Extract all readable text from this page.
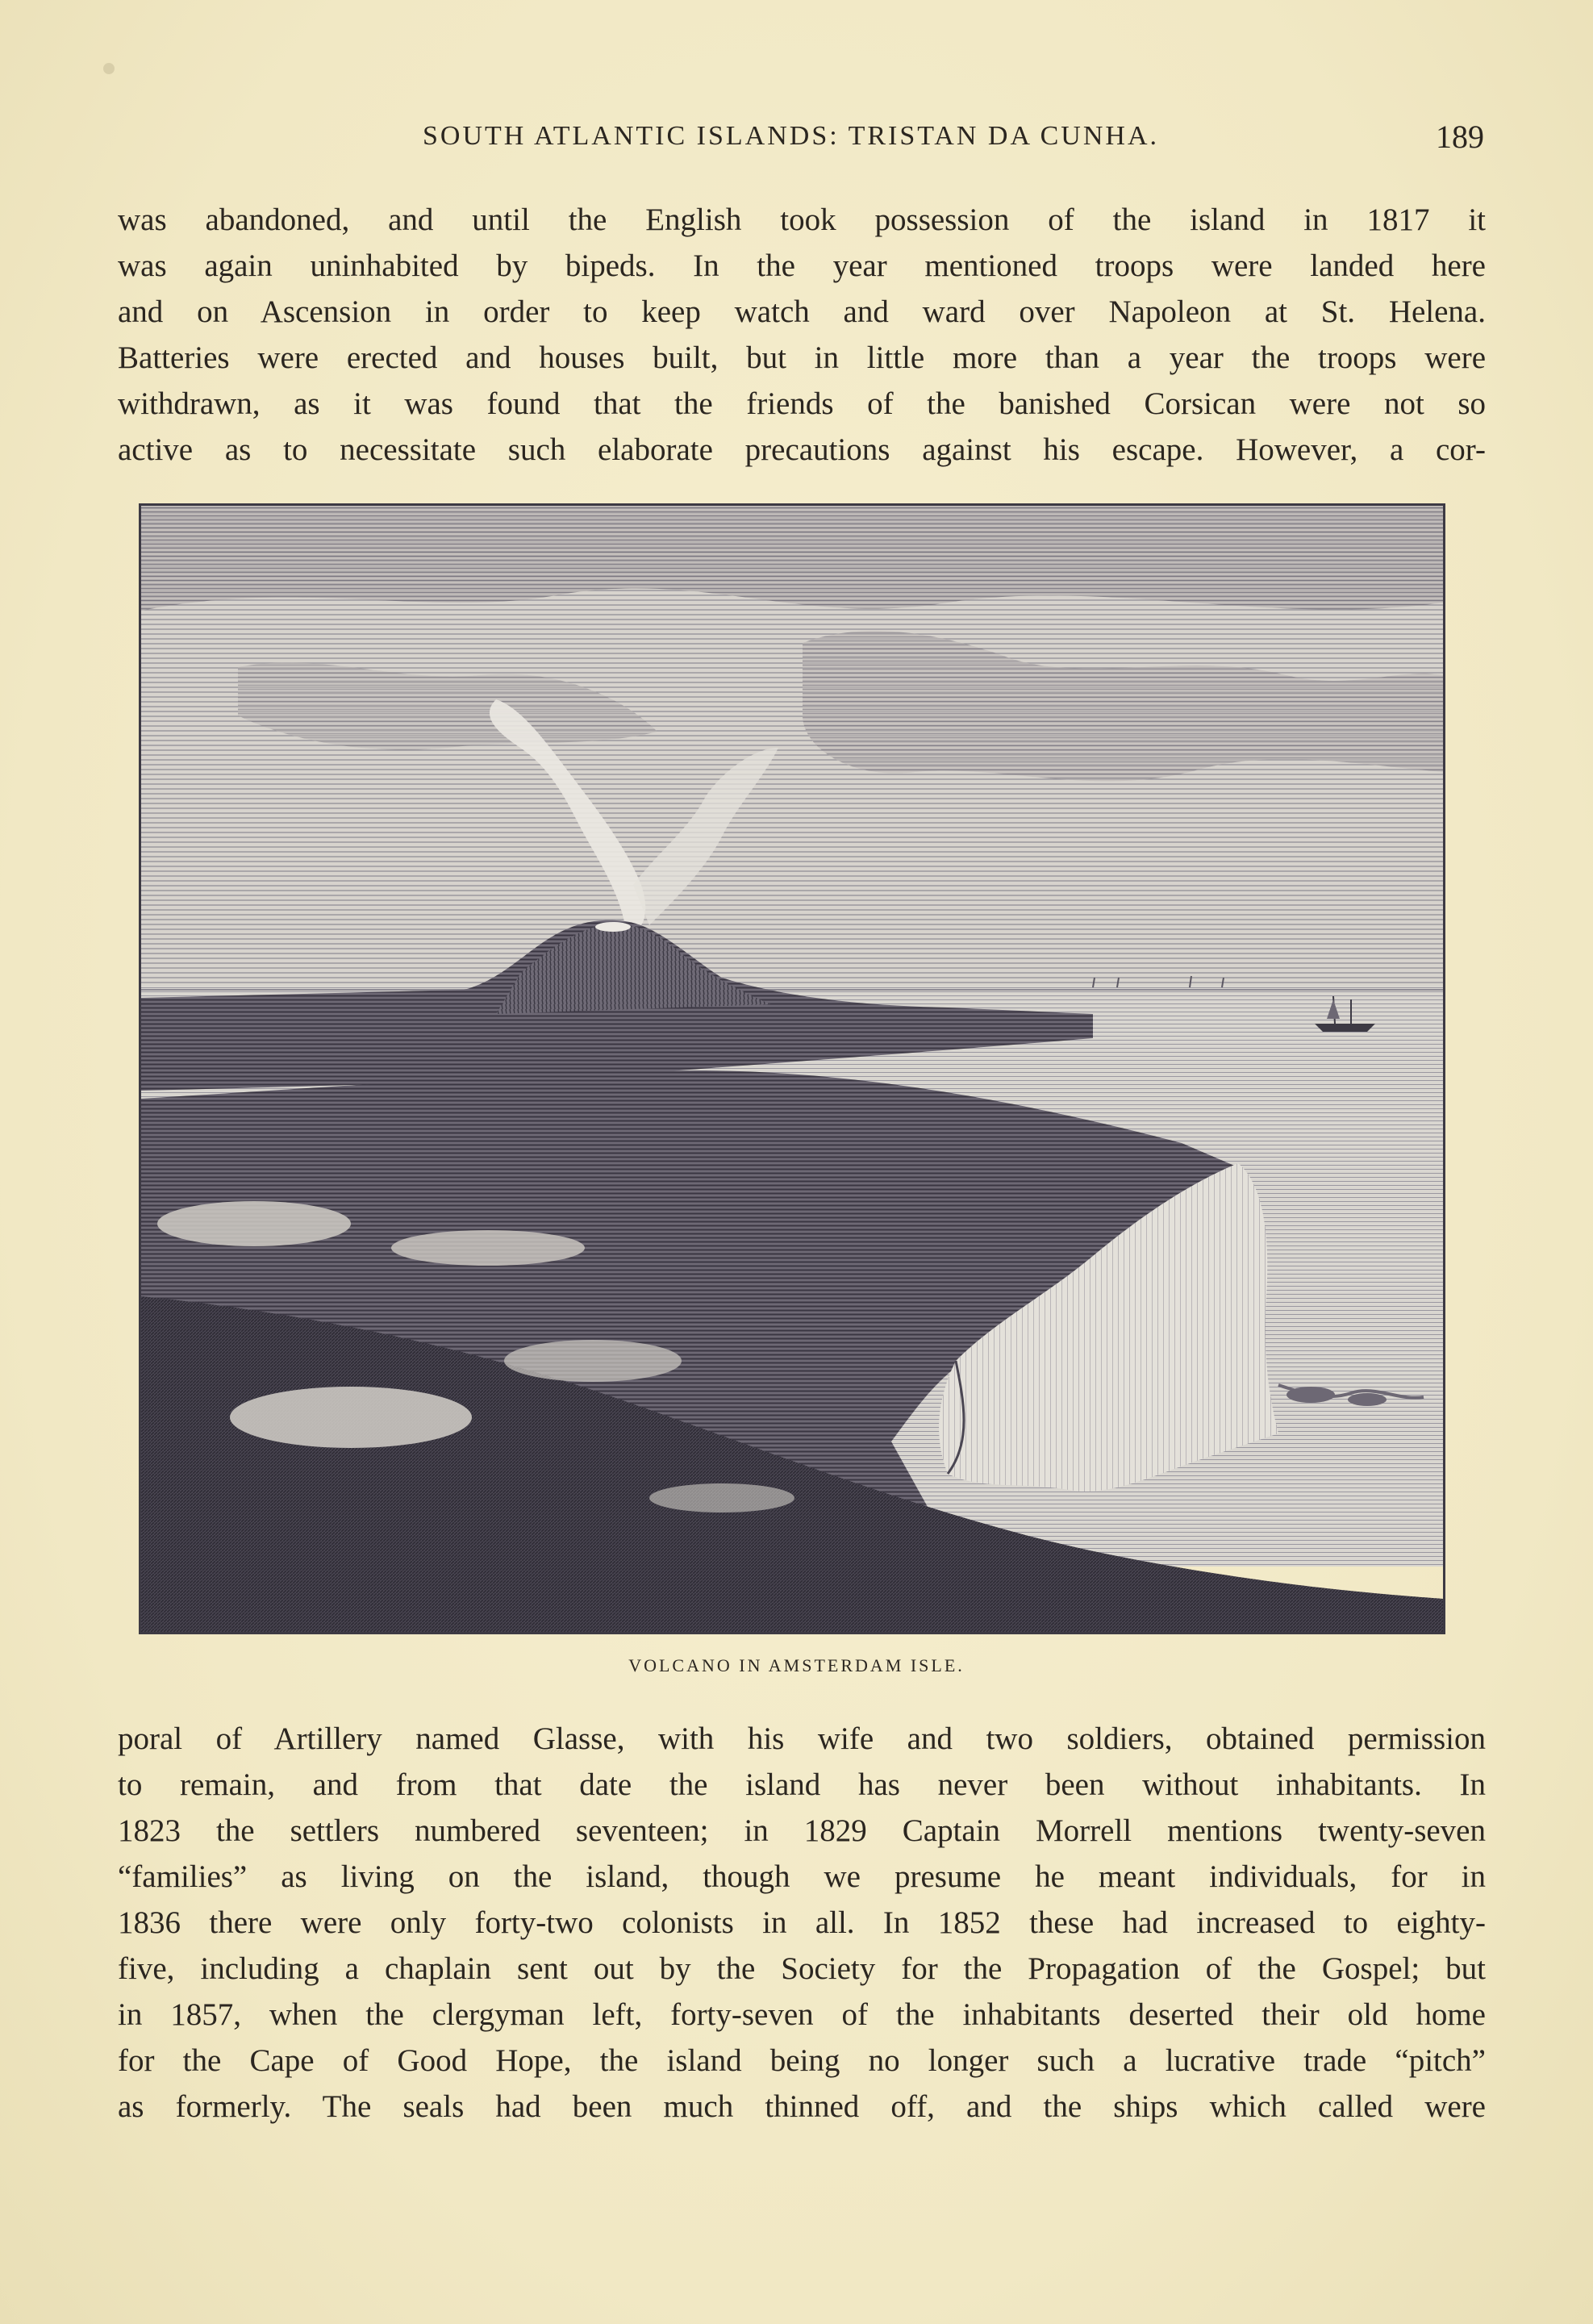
SOUTH ATLANTIC ISLANDS: TRISTAN DA CUNHA.	189
was abandoned, and until the English took possession of the island in 1817 it
was again uninhabited by bipeds. In the year mentioned troops were landed here
and on Ascension in order to keep watch and ward over Napoleon at St. Helena.
Batteries were erected and houses built, but in little more than a year the troops were
withdrawn, as it was found that the friends of the banished Corsican were not so
active as to necessitate such elaborate precautions against his escape. However, a cor-
VOLCANO IN AMSTERDAM ISLE.
poral of Artillery named Glasse, with his wife and two soldiers, obtained permission
to remain, and from that date the island has never been without inhabitants. In
1823 the settlers numbered seventeen; in 1829 Captain Morrell mentions twenty-seven
“families” as living on the island, though we presume he meant individuals, for in
1836 there were only forty-two colonists in all. In 1852 these had increased to eighty-
five, including a chaplain sent out by the Society for the Propagation of the Gospel; but
in 1857, when the clergyman left, forty-seven of the inhabitants deserted their old home
for the Cape of Good Hope, the island being no longer such a lucrative trade “pitch”
as formerly. The seals had been much thinned off, and the ships which called were
